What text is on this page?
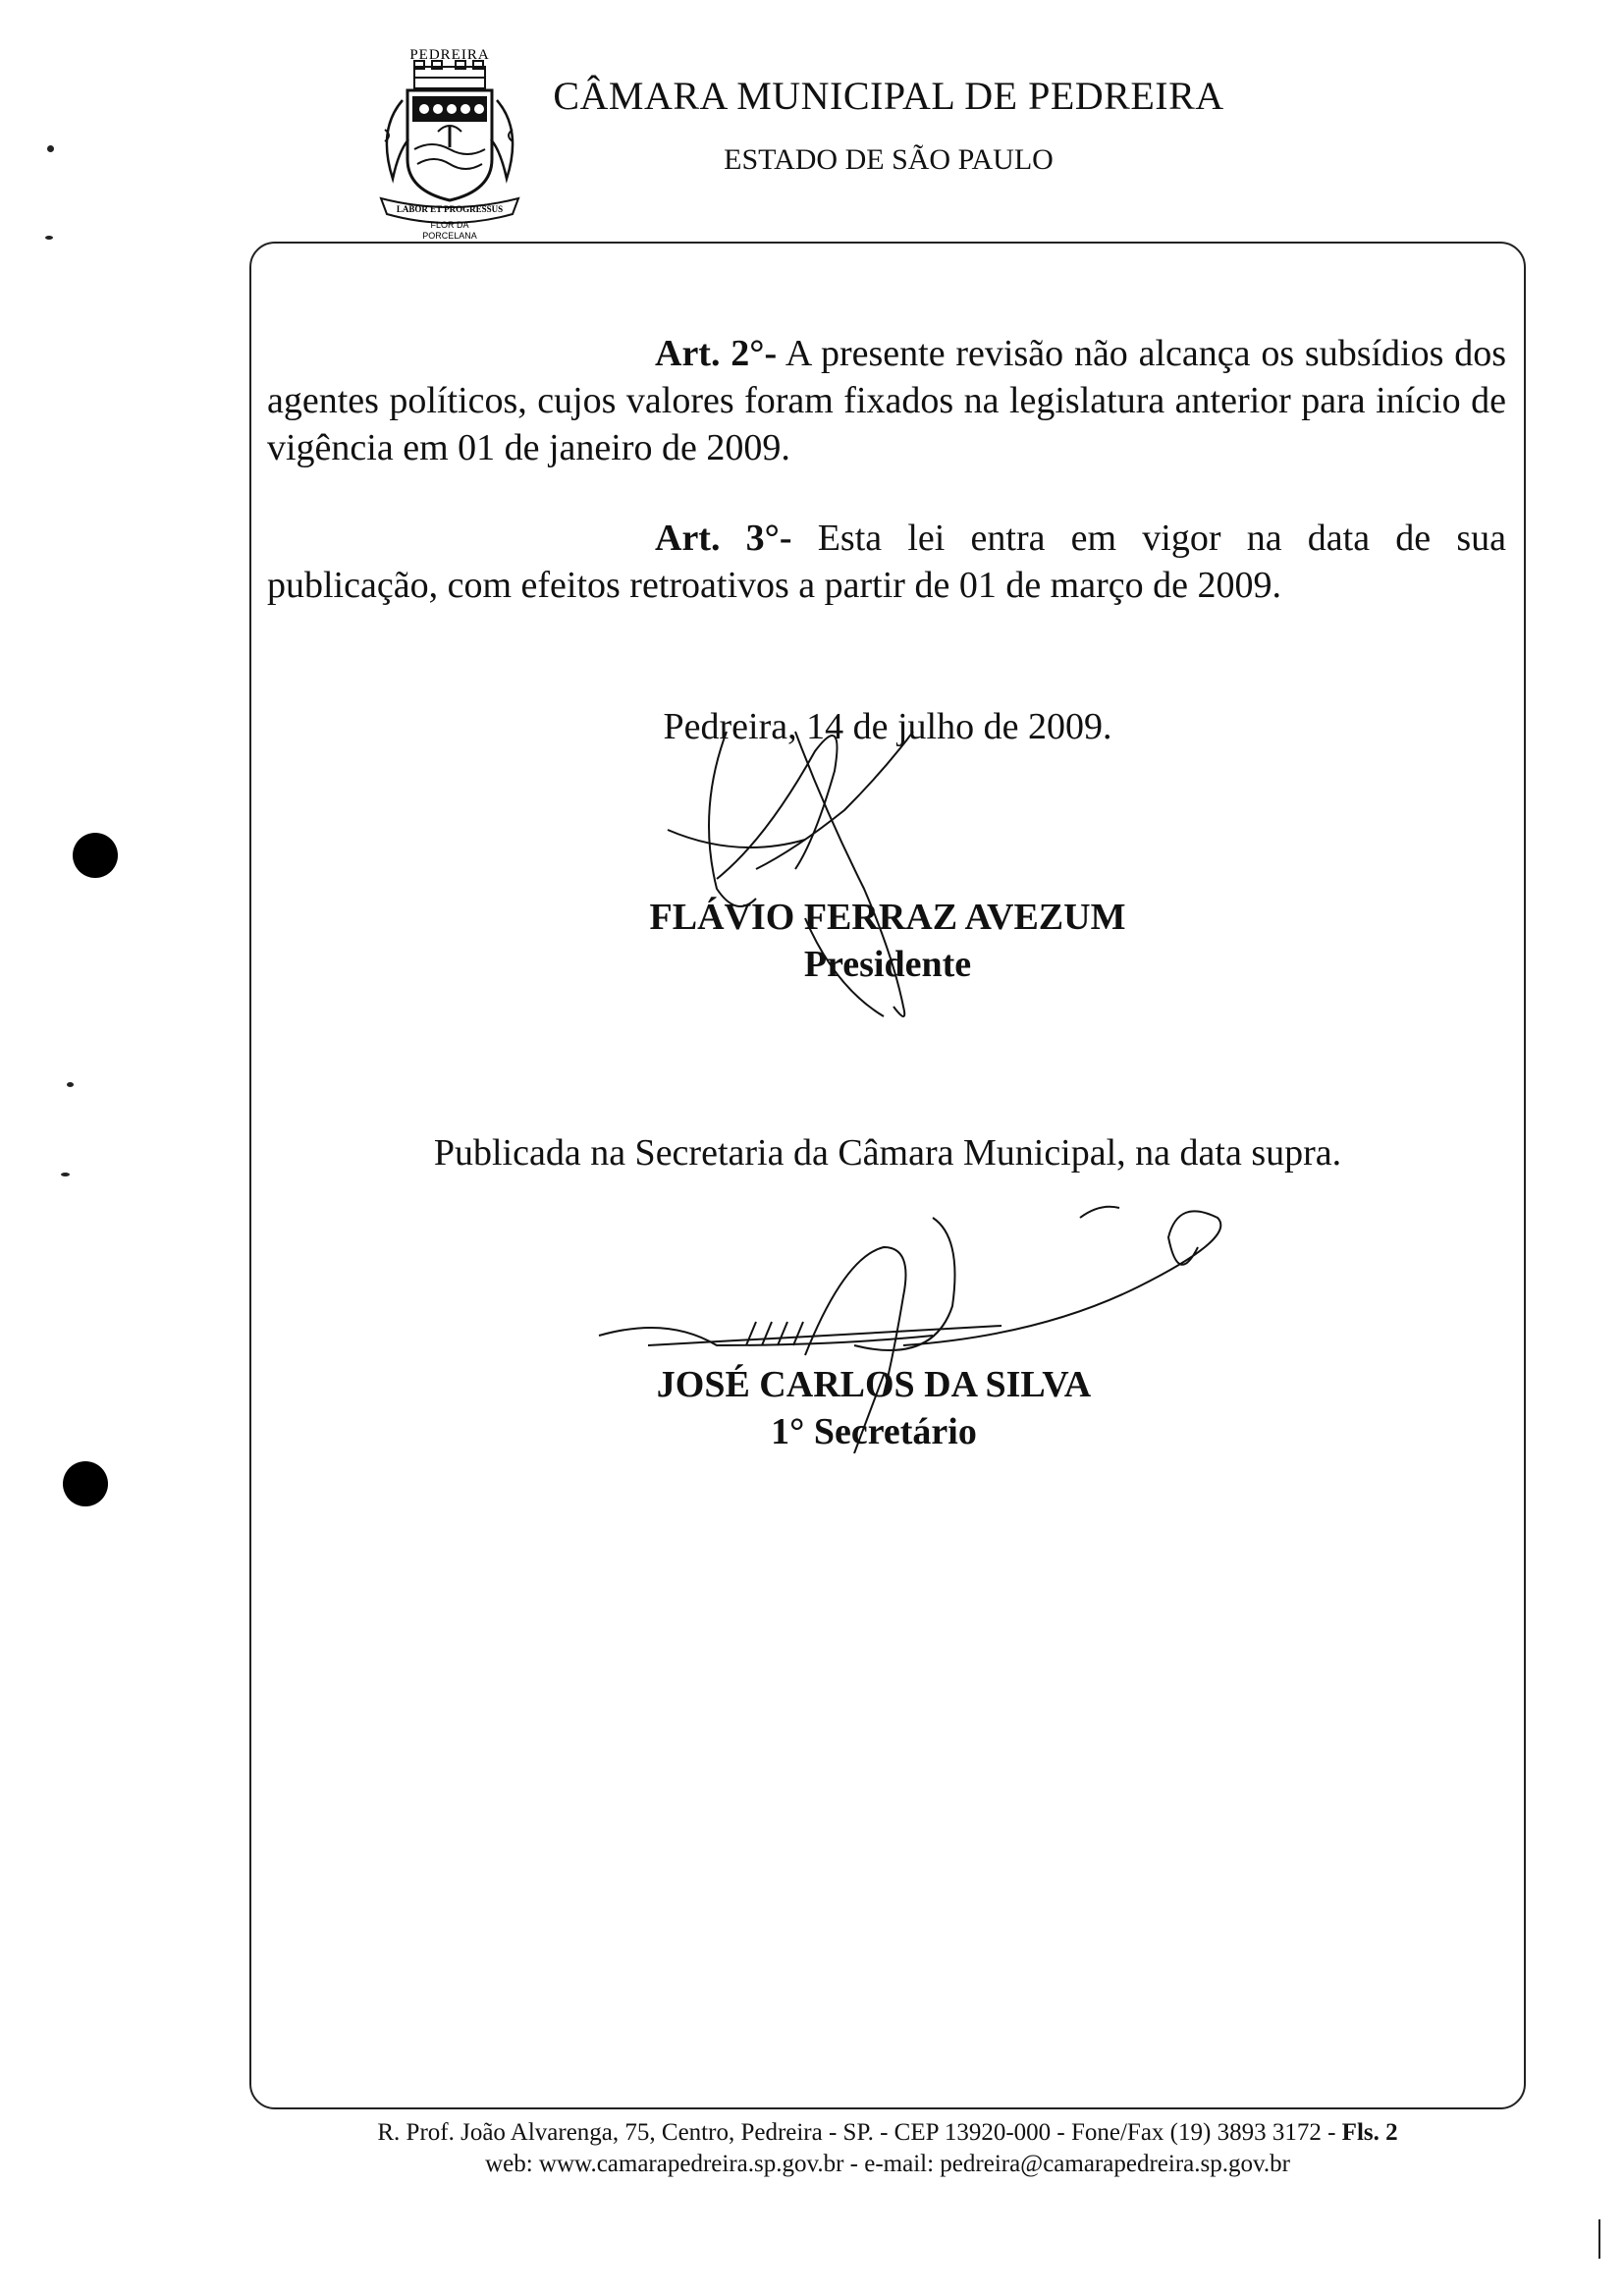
PEDREIRA
LABOR ET PROGRESSUS
FLOR DA
PORCELANA
CÂMARA MUNICIPAL DE PEDREIRA
ESTADO DE SÃO PAULO

Art. 2°- A presente revisão não alcança os subsídios dos agentes políticos, cujos valores foram fixados na legislatura anterior para início de vigência em 01 de janeiro de 2009.

Art. 3°- Esta lei entra em vigor na data de sua publicação, com efeitos retroativos a partir de 01 de março de 2009.

Pedreira, 14 de julho de 2009.
FLÁVIO FERRAZ AVEZUM
Presidente
Publicada na Secretaria da Câmara Municipal, na data supra.
JOSÉ CARLOS DA SILVA
1° Secretário
R. Prof. João Alvarenga, 75, Centro, Pedreira - SP. - CEP 13920-000 - Fone/Fax (19) 3893 3172 - Fls. 2
web: www.camarapedreira.sp.gov.br - e-mail: pedreira@camarapedreira.sp.gov.br
